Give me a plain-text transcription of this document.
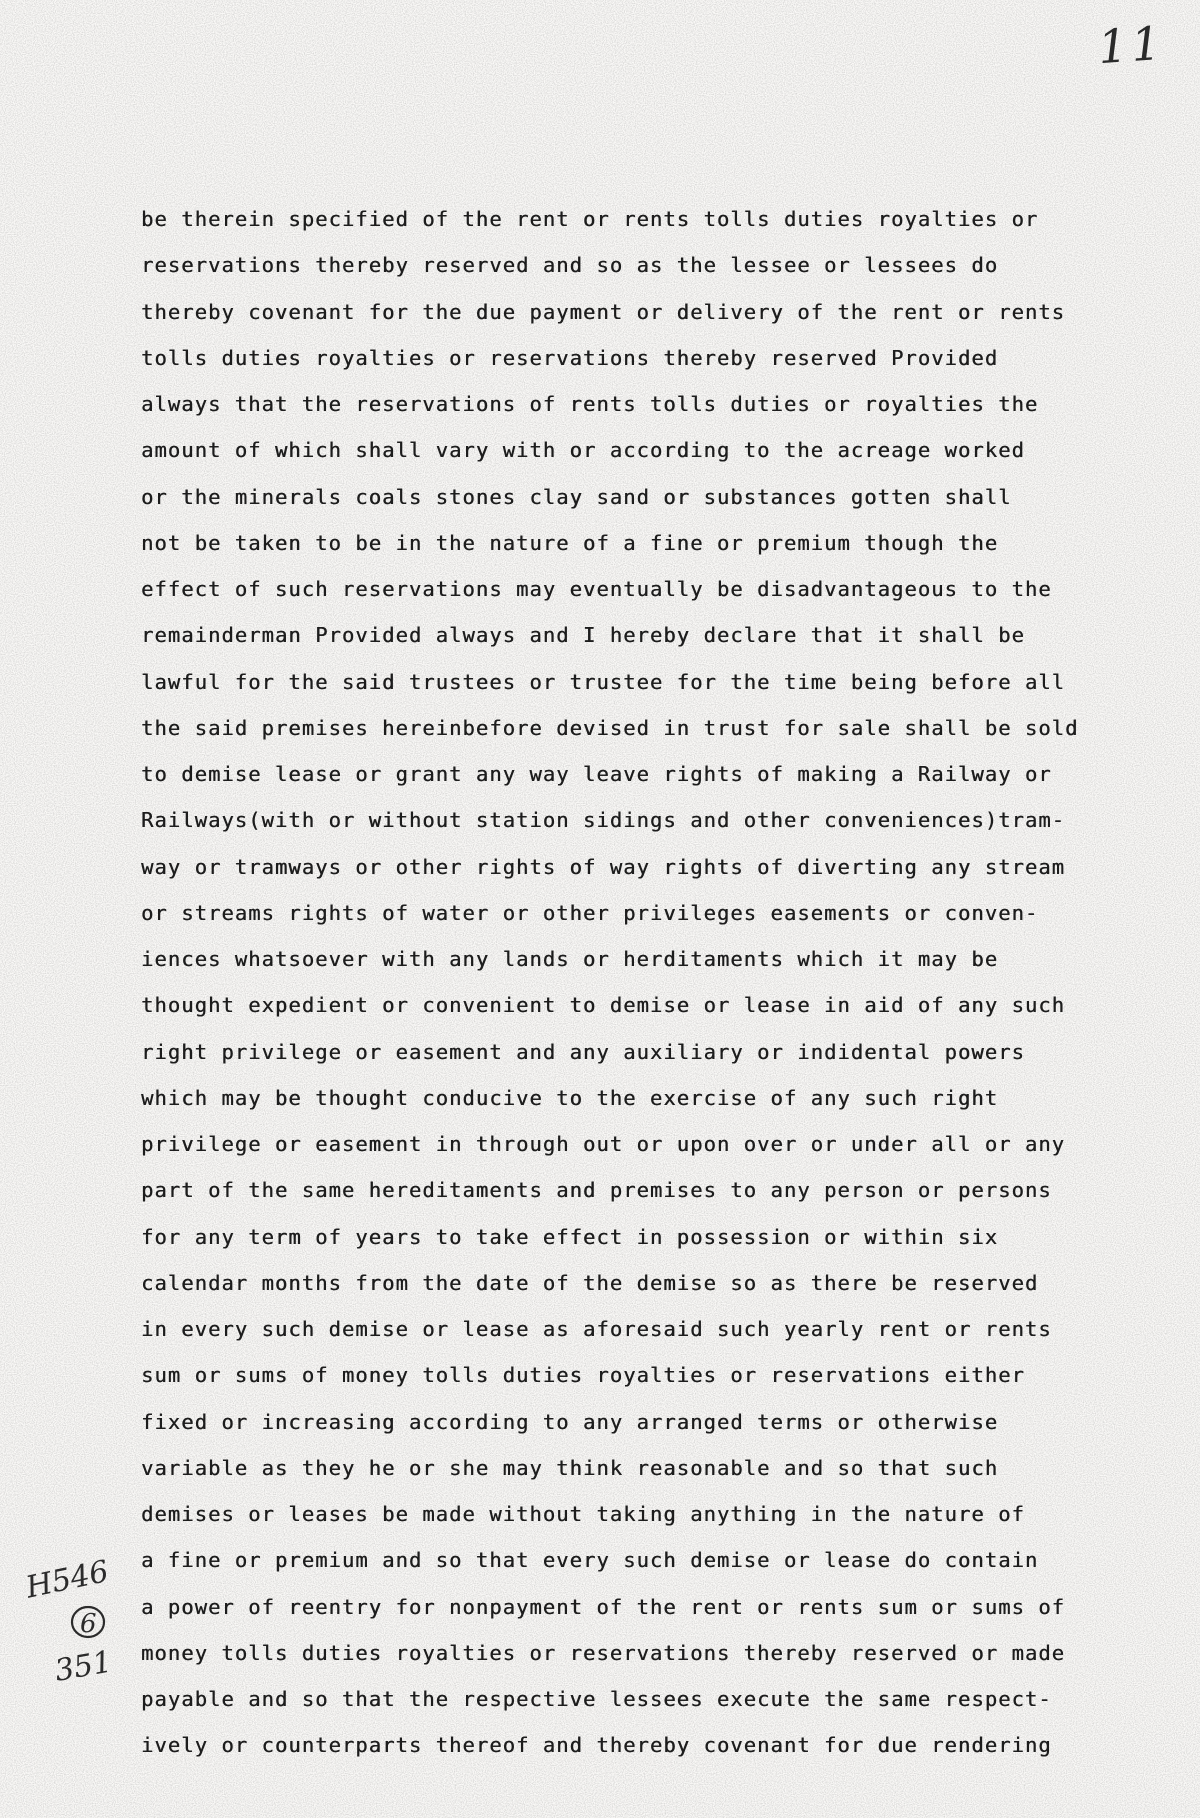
11
be therein specified of the rent or rents tolls duties royalties or
reservations thereby reserved and so as the lessee or lessees do
thereby covenant for the due payment or delivery of the rent or rents
tolls duties royalties or reservations thereby reserved Provided
always that the reservations of rents tolls duties or royalties the
amount of which shall vary with or according to the acreage worked
or the minerals coals stones clay sand or substances gotten shall
not be taken to be in the nature of a fine or premium though the
effect of such reservations may eventually be disadvantageous to the
remainderman Provided always and I hereby declare that it shall be
lawful for the said trustees or trustee for the time being before all
the said premises hereinbefore devised in trust for sale shall be sold
to demise lease or grant any way leave rights of making a Railway or
Railways(with or without station sidings and other conveniences)tram-
way or tramways or other rights of way rights of diverting any stream
or streams rights of water or other privileges easements or conven-
iences whatsoever with any lands or herditaments which it may be
thought expedient or convenient to demise or lease in aid of any such
right privilege or easement and any auxiliary or indidental powers
which may be thought conducive to the exercise of any such right
privilege or easement in through out or upon over or under all or any
part of the same hereditaments and premises to any person or persons
for any term of years to take effect in possession or within six
calendar months from the date of the demise so as there be reserved
in every such demise or lease as aforesaid such yearly rent or rents
sum or sums of money tolls duties royalties or reservations either
fixed or increasing according to any arranged terms or otherwise
variable as they he or she may think reasonable and so that such
demises or leases be made without taking anything in the nature of
a fine or premium and so that every such demise or lease do contain
a power of reentry for nonpayment of the rent or rents sum or sums of
money tolls duties royalties or reservations thereby reserved or made
payable and so that the respective lessees execute the same respect-
ively or counterparts thereof and thereby covenant for due rendering
H546
6
351
